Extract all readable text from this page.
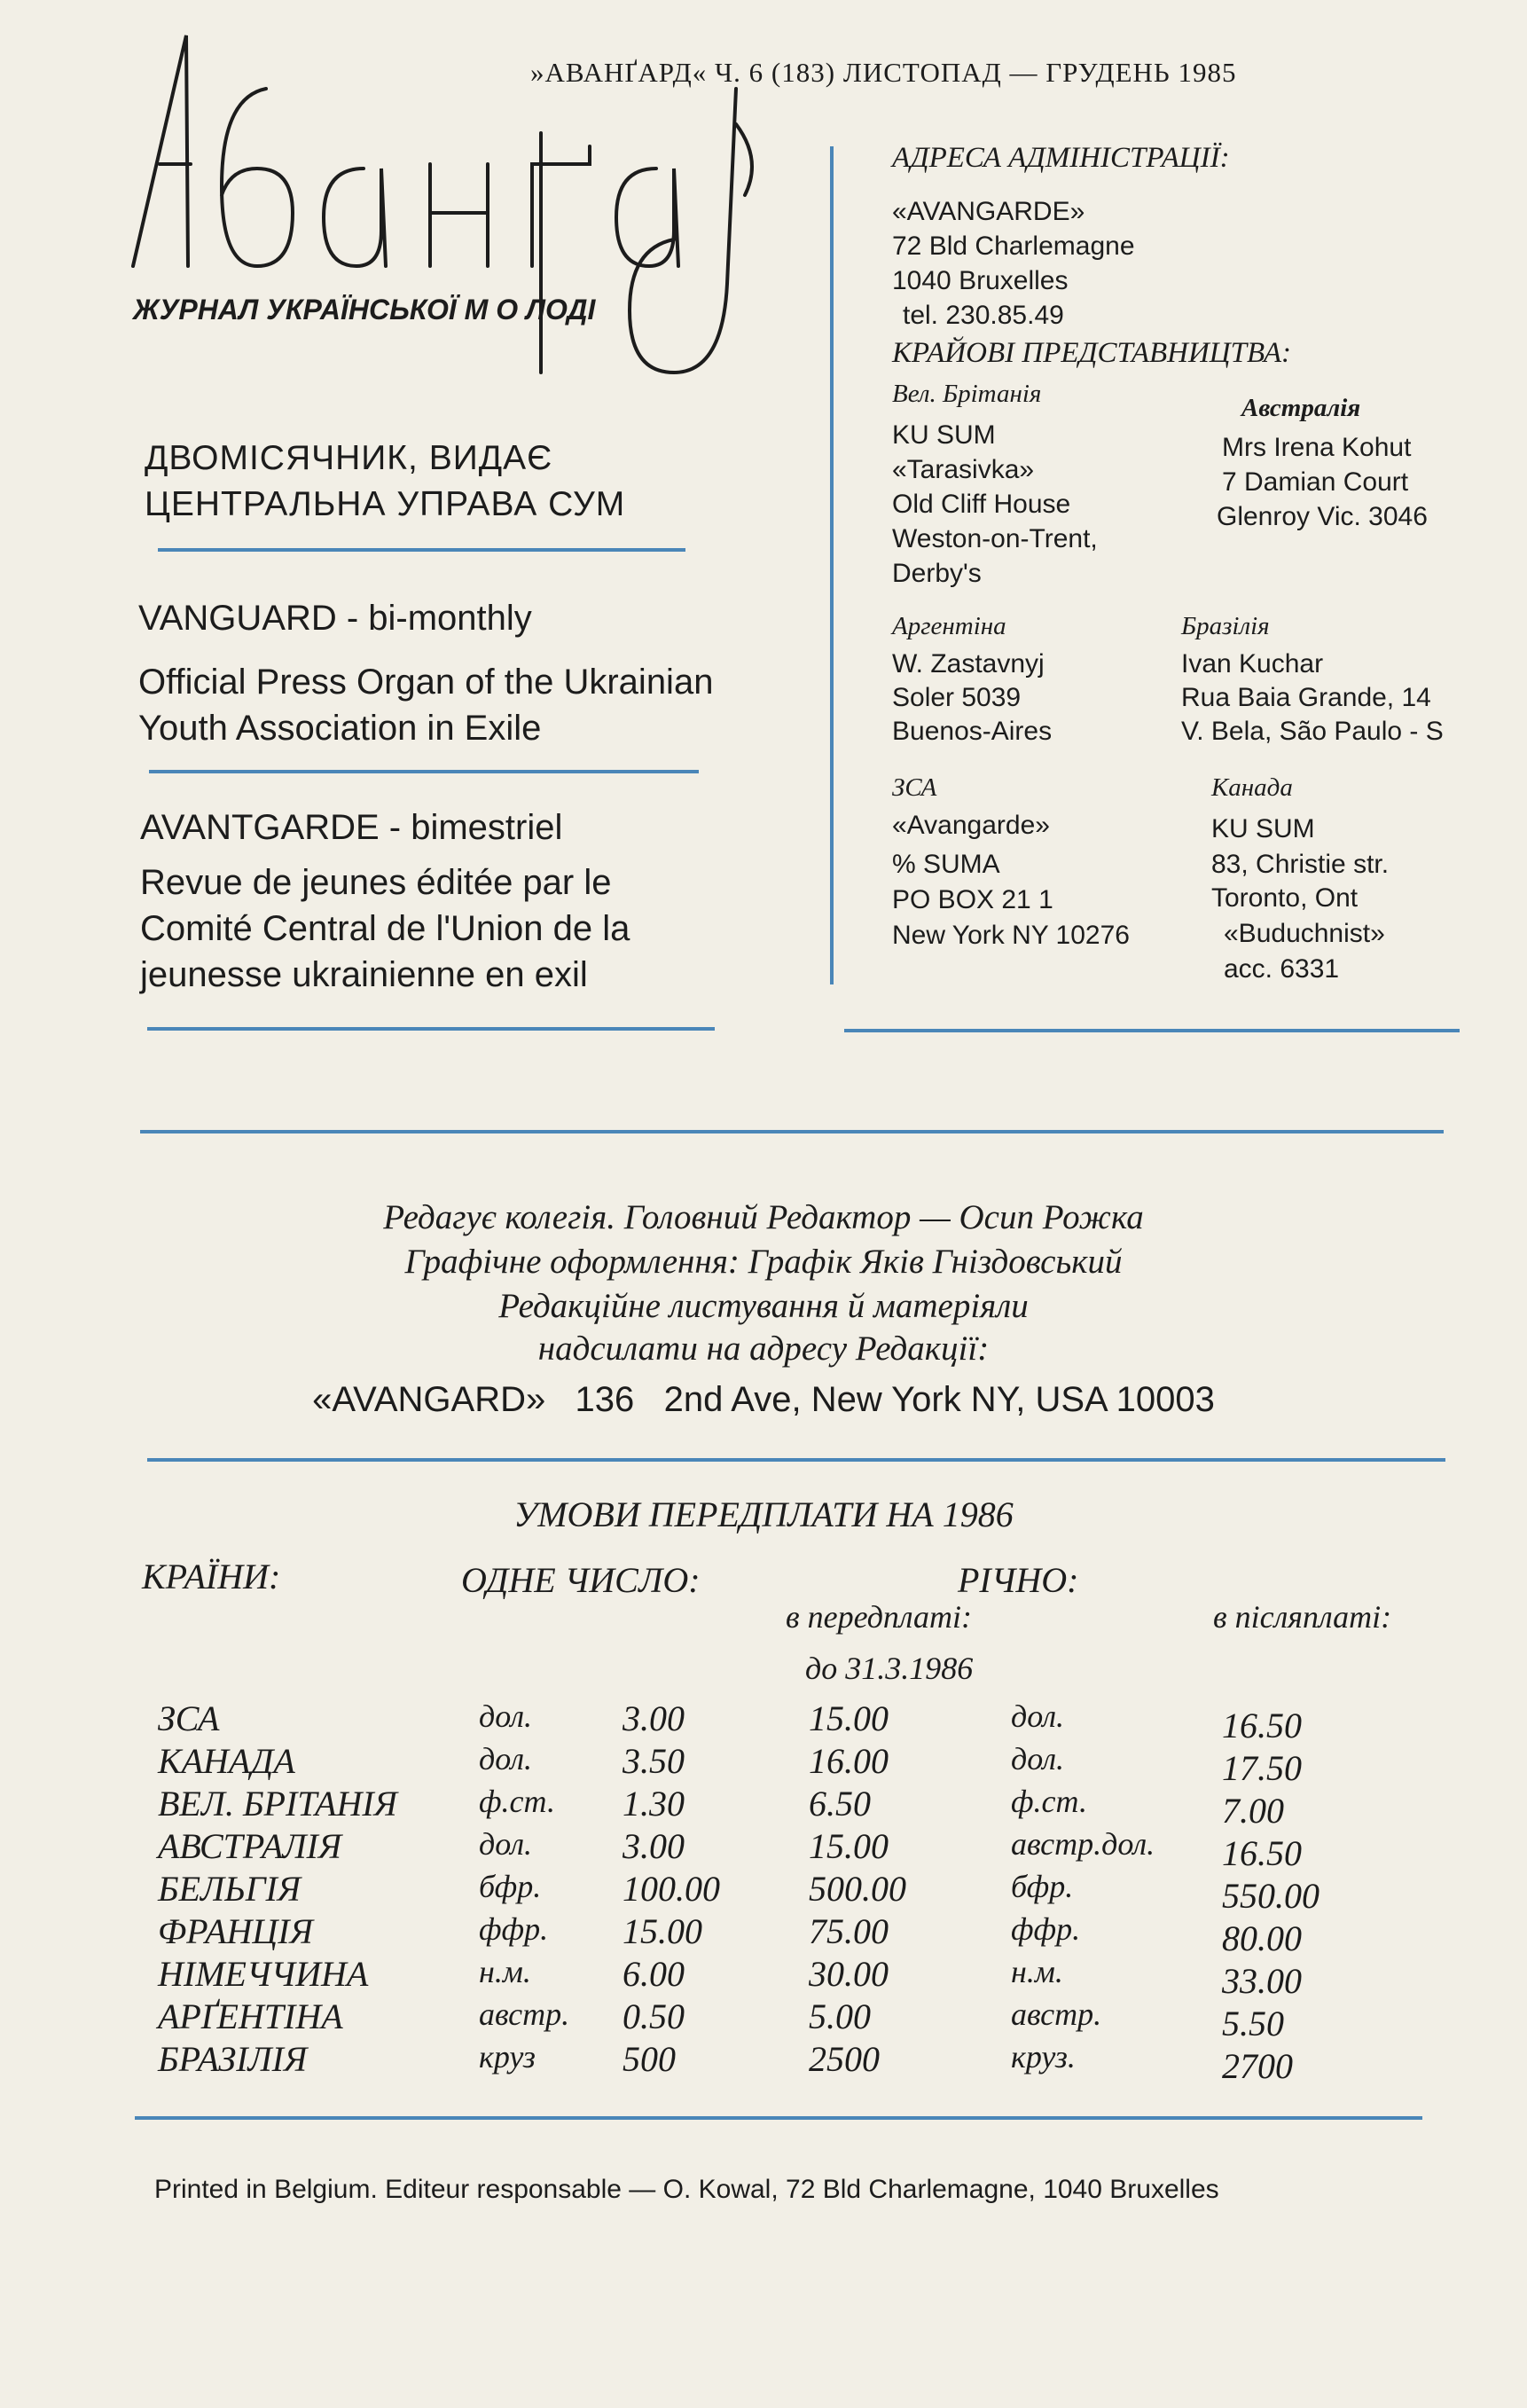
»АВАНҐАРД« Ч. 6 (183) ЛИСТОПАД — ГРУДЕНЬ 1985
ЖУРНАЛ УКРАЇНСЬКОЇ М О ЛОДІ
ДВОМІСЯЧНИК, ВИДАЄ
ЦЕНТРАЛЬНА УПРАВА СУМ
VANGUARD - bi-monthly
Official Press Organ of the Ukrainian
Youth Association in Exile
AVANTGARDE - bimestriel
Revue de jeunes éditée par le
Comité Central de l'Union de la
jeunesse ukrainienne en exil
АДРЕСА АДМІНІСТРАЦІЇ:
«AVANGARDE»
72 Bld Charlemagne
1040 Bruxelles
tel. 230.85.49
КРАЙОВІ ПРЕДСТАВНИЦТВА:
Вел. Брітанія
KU SUM
«Tarasivka»
Old Cliff House
Weston-on-Trent,
Derby's
Австралія
Mrs Irena Kohut
7 Damian Court
Glenroy Vic. 3046
Аргентіна
W. Zastavnyj
Soler 5039
Buenos-Aires
Бразілія
Ivan Kuchar
Rua Baia Grande, 14
V. Bela, São Paulo - S
ЗСА
«Avangarde»
% SUMA
PO BOX 21 1
New York NY 10276
Канада
KU SUM
83, Christie str.
Toronto, Ont
«Buduchnist»
acc. 6331
Редагує колегія. Головний Редактор — Осип Рожка
Графічне оформлення: Графік Яків Гніздовський
Редакційне листування й матеріяли
надсилати на адресу Редакції:
«AVANGARD»   136   2nd Ave, New York NY, USA 10003
УМОВИ ПЕРЕДПЛАТИ НА 1986
КРАЇНИ:	ОДНЕ ЧИСЛО:	РІЧНО:
в передплаті:	в післяплаті:
до 31.3.1986
ЗСА	дол.	3.00	15.00	дол.	16.50
КАНАДА	дол.	3.50	16.00	дол.	17.50
ВЕЛ. БРІТАНІЯ	ф.ст. 1.30	6.50	ф.ст.	7.00
АВСТРАЛІЯ	дол.	3.00	15.00	австр.дол. 16.50
БЕЛЬГІЯ	бфр. 100.00	500.00	бфр.	550.00
ФРАНЦІЯ	ффр. 15.00	75.00	ффр.	80.00
НІМЕЧЧИНА	н.м.	6.00	30.00	н.м.	33.00
АРҐЕНТІНА	австр. 0.50	5.00	австр.	5.50
БРАЗІЛІЯ	круз 500	2500	круз.	2700
Printed in Belgium. Editeur responsable — O. Kowal, 72 Bld Charlemagne, 1040 Bruxelles
